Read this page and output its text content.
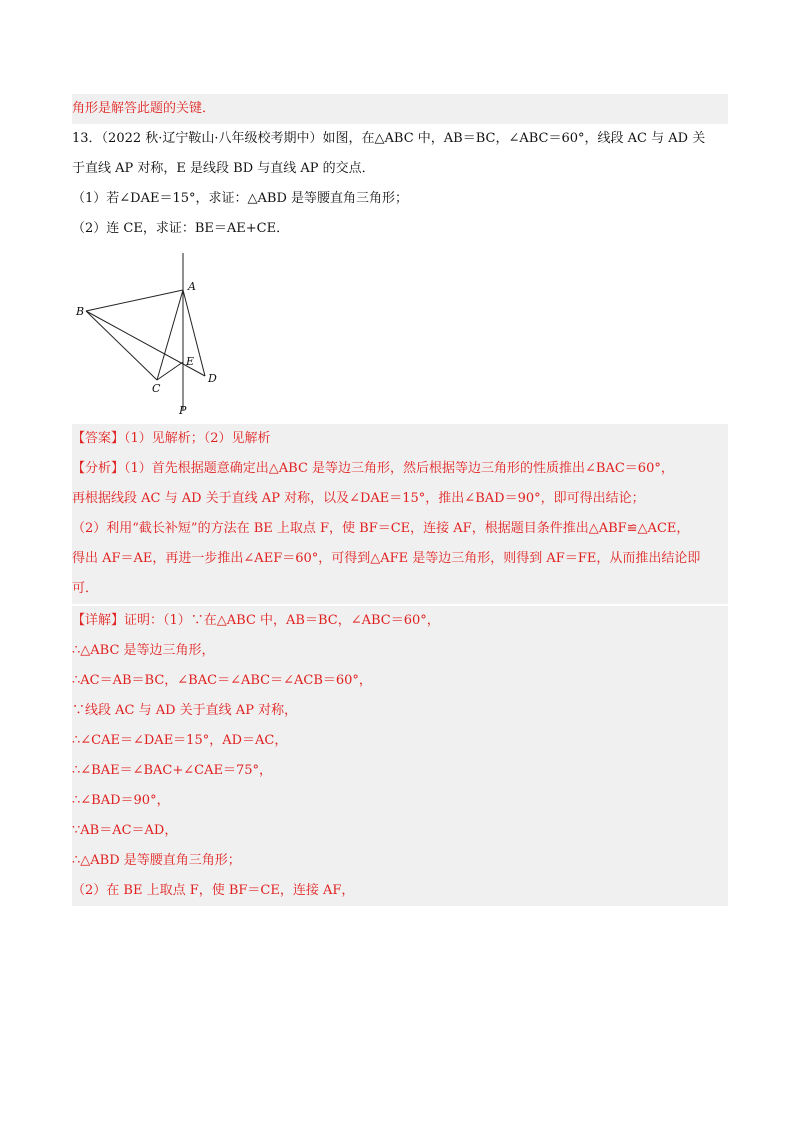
角形是解答此题的关键．
13．（2022 秋·辽宁鞍山·八年级校考期中）如图，在△ABC 中，AB＝BC，∠ABC＝60°，线段 AC 与 AD 关
于直线 AP 对称，E 是线段 BD 与直线 AP 的交点．
（1）若∠DAE＝15°，求证：△ABD 是等腰直角三角形；
（2）连 CE，求证：BE＝AE+CE．
A
B
C
D
E
P
【答案】（1）见解析；（2）见解析
【分析】（1）首先根据题意确定出△ABC 是等边三角形，然后根据等边三角形的性质推出∠BAC＝60°，
再根据线段 AC 与 AD 关于直线 AP 对称，以及∠DAE＝15°，推出∠BAD＝90°，即可得出结论；
（2）利用“截长补短”的方法在 BE 上取点 F，使 BF＝CE，连接 AF，根据题目条件推出△ABF≌△ACE，
得出 AF＝AE，再进一步推出∠AEF＝60°，可得到△AFE 是等边三角形，则得到 AF＝FE，从而推出结论即
可．
【详解】证明：（1）∵在△ABC 中，AB＝BC，∠ABC＝60°，
∴△ABC 是等边三角形，
∴AC＝AB＝BC，∠BAC＝∠ABC＝∠ACB＝60°，
∵线段 AC 与 AD 关于直线 AP 对称，
∴∠CAE＝∠DAE＝15°，AD＝AC，
∴∠BAE＝∠BAC+∠CAE＝75°，
∴∠BAD＝90°，
∵AB＝AC＝AD，
∴△ABD 是等腰直角三角形；
（2）在 BE 上取点 F，使 BF＝CE，连接 AF，
